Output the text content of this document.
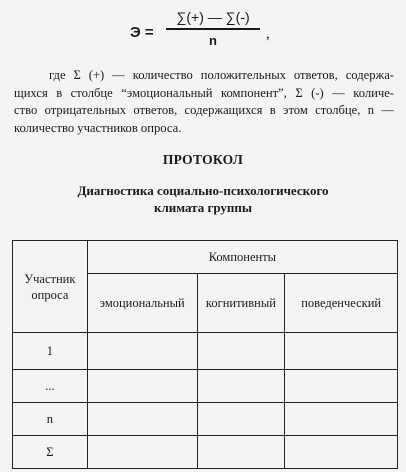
Э =
∑(+) — ∑(-)
n	,

где Σ (+) — количество положительных ответов, содержа-

щихся в столбце “эмоциональный компонент”, Σ (-) — количе-

ство отрицательных ответов, содержащихся в этом столбце, n —

количество участников опроса.

ПРОТОКОЛ
Диагностика социально-психологического
климата группы
Участник
опроса	Компоненты		
	эмоциональный	когнитивный	поведенческий
1			
...			
n			
Σ			
